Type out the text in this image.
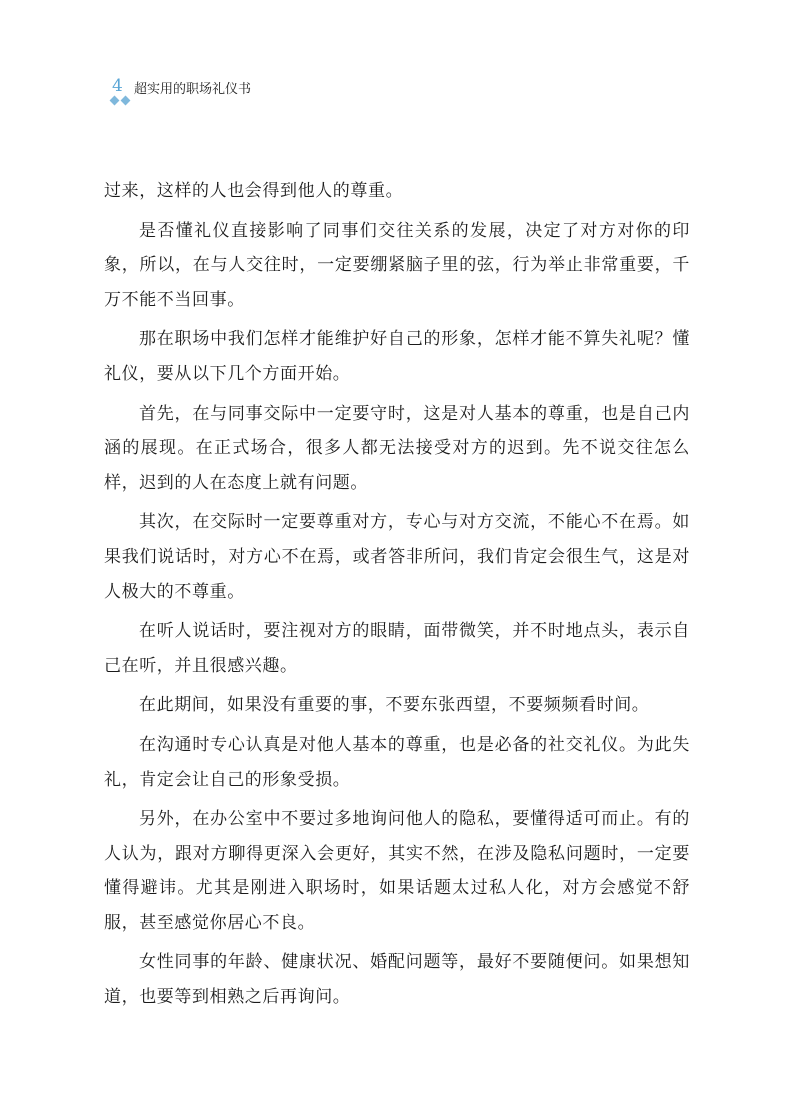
4 超实用的职场礼仪书

过来，这样的人也会得到他人的尊重。

是否懂礼仪直接影响了同事们交往关系的发展，决定了对方对你的印象，所以，在与人交往时，一定要绷紧脑子里的弦，行为举止非常重要，千万不能不当回事。

那在职场中我们怎样才能维护好自己的形象，怎样才能不算失礼呢？懂礼仪，要从以下几个方面开始。

首先，在与同事交际中一定要守时，这是对人基本的尊重，也是自己内涵的展现。在正式场合，很多人都无法接受对方的迟到。先不说交往怎么样，迟到的人在态度上就有问题。

其次，在交际时一定要尊重对方，专心与对方交流，不能心不在焉。如果我们说话时，对方心不在焉，或者答非所问，我们肯定会很生气，这是对人极大的不尊重。

在听人说话时，要注视对方的眼睛，面带微笑，并不时地点头，表示自己在听，并且很感兴趣。

在此期间，如果没有重要的事，不要东张西望，不要频频看时间。

在沟通时专心认真是对他人基本的尊重，也是必备的社交礼仪。为此失礼，肯定会让自己的形象受损。

另外，在办公室中不要过多地询问他人的隐私，要懂得适可而止。有的人认为，跟对方聊得更深入会更好，其实不然，在涉及隐私问题时，一定要懂得避讳。尤其是刚进入职场时，如果话题太过私人化，对方会感觉不舒服，甚至感觉你居心不良。

女性同事的年龄、健康状况、婚配问题等，最好不要随便问。如果想知道，也要等到相熟之后再询问。
